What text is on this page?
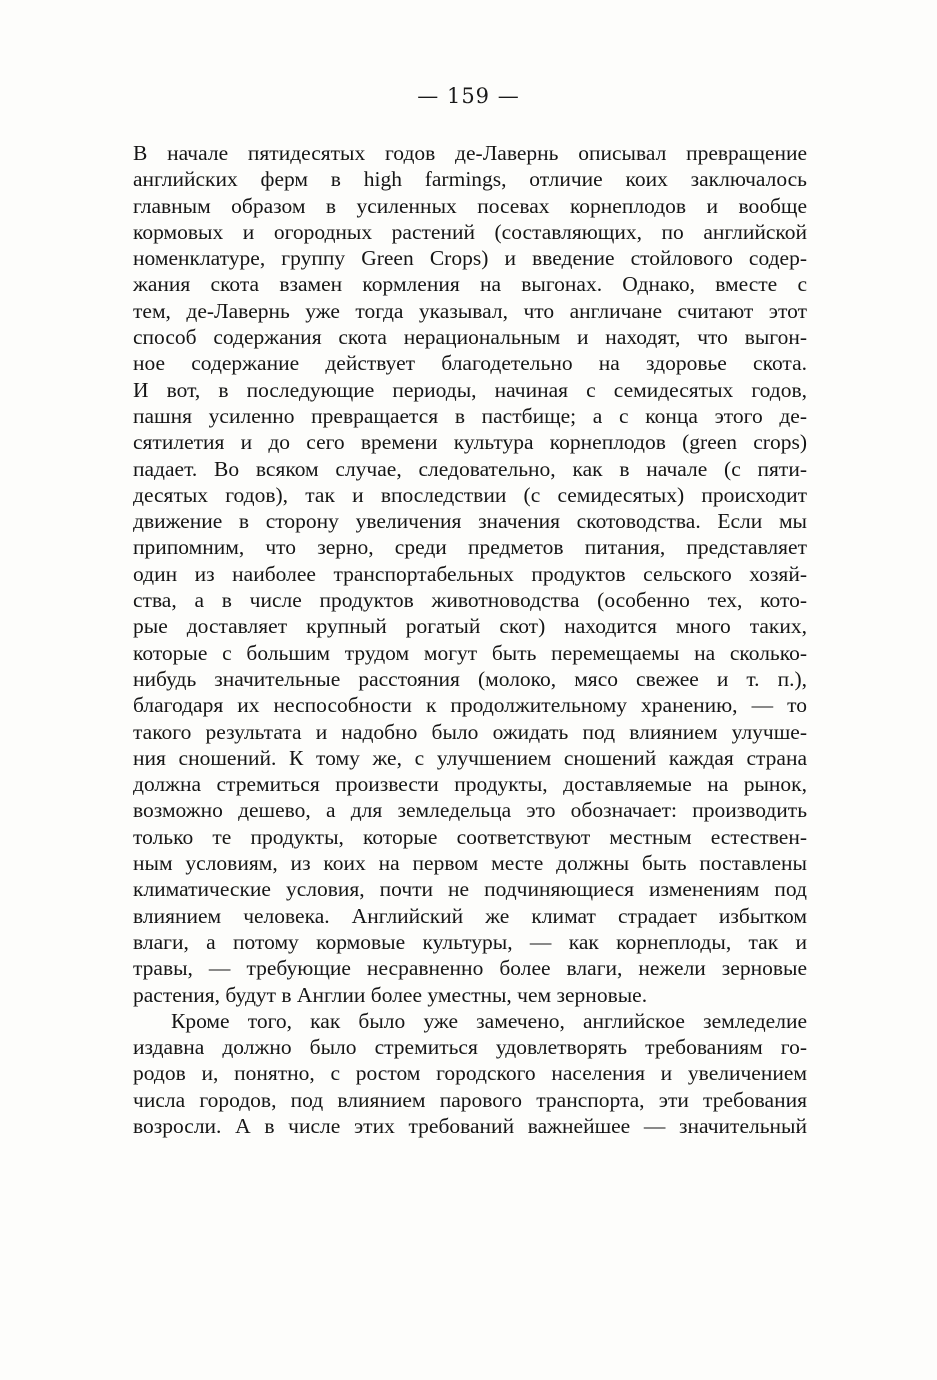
— 159 —
В начале пятидесятых годов де-Лавернь описывал превращение
английских ферм в high farmings, отличие коих заключалось
главным образом в усиленных посевах корнеплодов и вообще
кормовых и огородных растений (составляющих, по английской
номенклатуре, группу Green Crops) и введение стойлового содер-
жания скота взамен кормления на выгонах. Однако, вместе с
тем, де-Лавернь уже тогда указывал, что англичане считают этот
способ содержания скота нерациональным и находят, что выгон-
ное содержание действует благодетельно на здоровье скота.
И вот, в последующие периоды, начиная с семидесятых годов,
пашня усиленно превращается в пастбище; а с конца этого де-
сятилетия и до сего времени культура корнеплодов (green crops)
падает. Во всяком случае, следовательно, как в начале (с пяти-
десятых годов), так и впоследствии (с семидесятых) происходит
движение в сторону увеличения значения скотоводства. Если мы
припомним, что зерно, среди предметов питания, представляет
один из наиболее транспортабельных продуктов сельского хозяй-
ства, а в числе продуктов животноводства (особенно тех, кото-
рые доставляет крупный рогатый скот) находится много таких,
которые с большим трудом могут быть перемещаемы на сколько-
нибудь значительные расстояния (молоко, мясо свежее и т. п.),
благодаря их неспособности к продолжительному хранению, — то
такого результата и надобно было ожидать под влиянием улучше-
ния сношений. К тому же, с улучшением сношений каждая страна
должна стремиться произвести продукты, доставляемые на рынок,
возможно дешево, а для земледельца это обозначает: производить
только те продукты, которые соответствуют местным естествен-
ным условиям, из коих на первом месте должны быть поставлены
климатические условия, почти не подчиняющиеся изменениям под
влиянием человека. Английский же климат страдает избытком
влаги, а потому кормовые культуры, — как корнеплоды, так и
травы, — требующие несравненно более влаги, нежели зерновые
растения, будут в Англии более уместны, чем зерновые.
Кроме того, как было уже замечено, английское земледелие
издавна должно было стремиться удовлетворять требованиям го-
родов и, понятно, с ростом городского населения и увеличением
числа городов, под влиянием парового транспорта, эти требования
возросли. А в числе этих требований важнейшее — значительный
